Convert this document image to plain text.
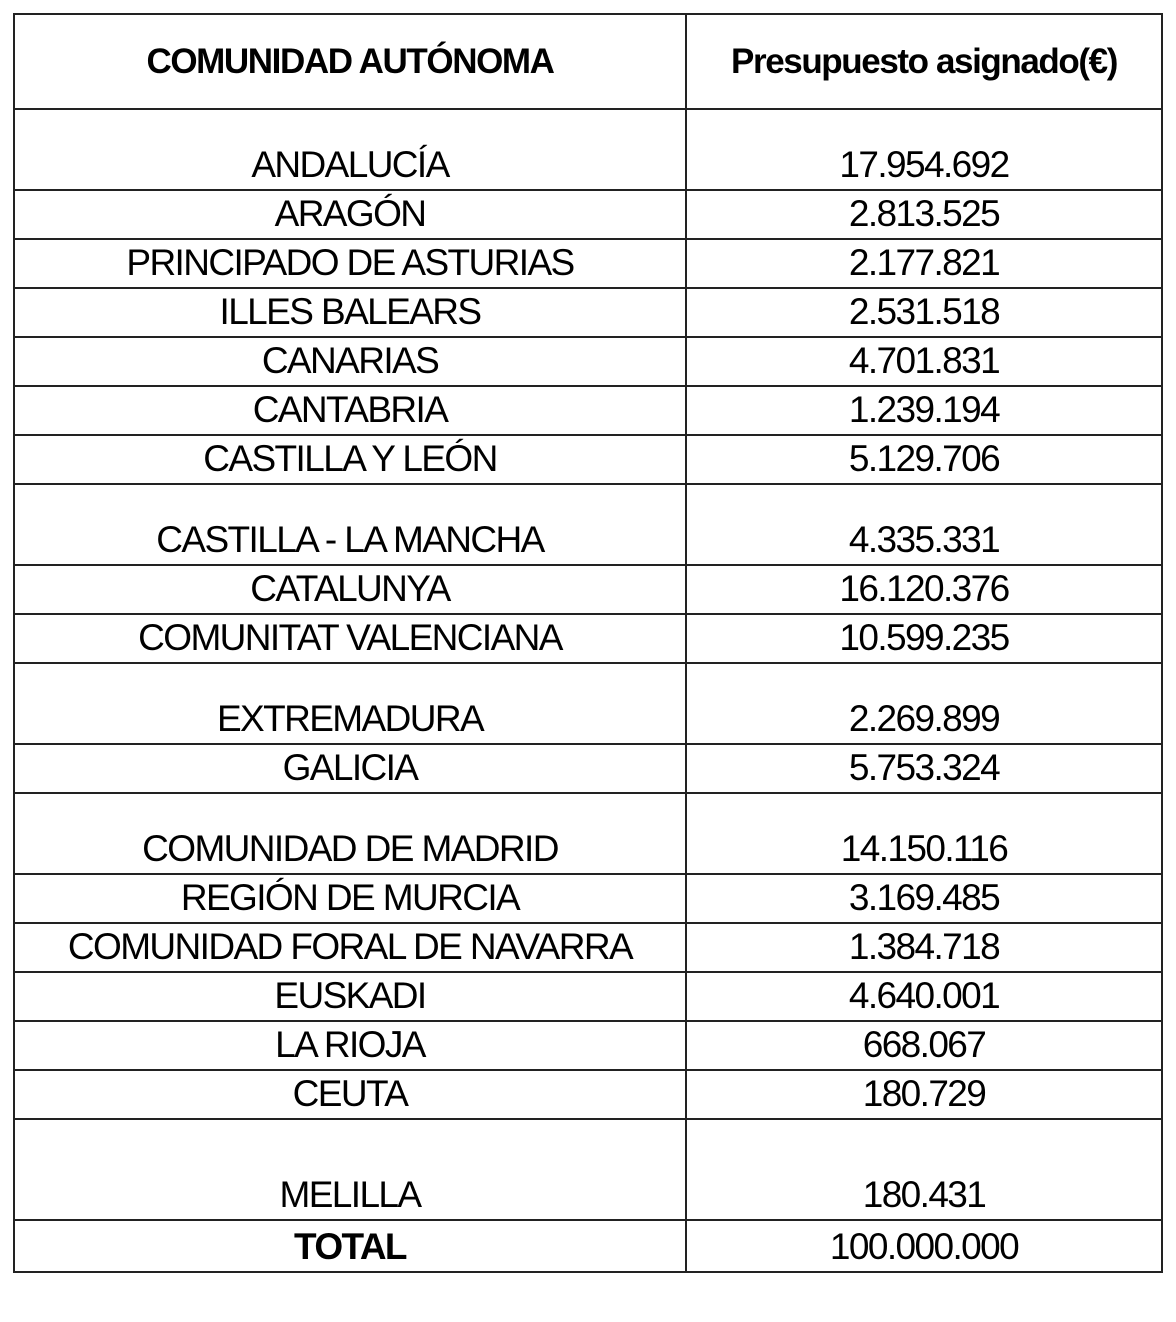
COMUNIDAD AUTÓNOMA	Presupuesto asignado(€)
ANDALUCÍA	17.954.692
ARAGÓN	2.813.525
PRINCIPADO DE ASTURIAS	2.177.821
ILLES BALEARS	2.531.518
CANARIAS	4.701.831
CANTABRIA	1.239.194
CASTILLA Y LEÓN	5.129.706
CASTILLA - LA MANCHA	4.335.331
CATALUNYA	16.120.376
COMUNITAT VALENCIANA	10.599.235
EXTREMADURA	2.269.899
GALICIA	5.753.324
COMUNIDAD DE MADRID	14.150.116
REGIÓN DE MURCIA	3.169.485
COMUNIDAD FORAL DE NAVARRA	1.384.718
EUSKADI	4.640.001
LA RIOJA	668.067
CEUTA	180.729
MELILLA	180.431
TOTAL	100.000.000
